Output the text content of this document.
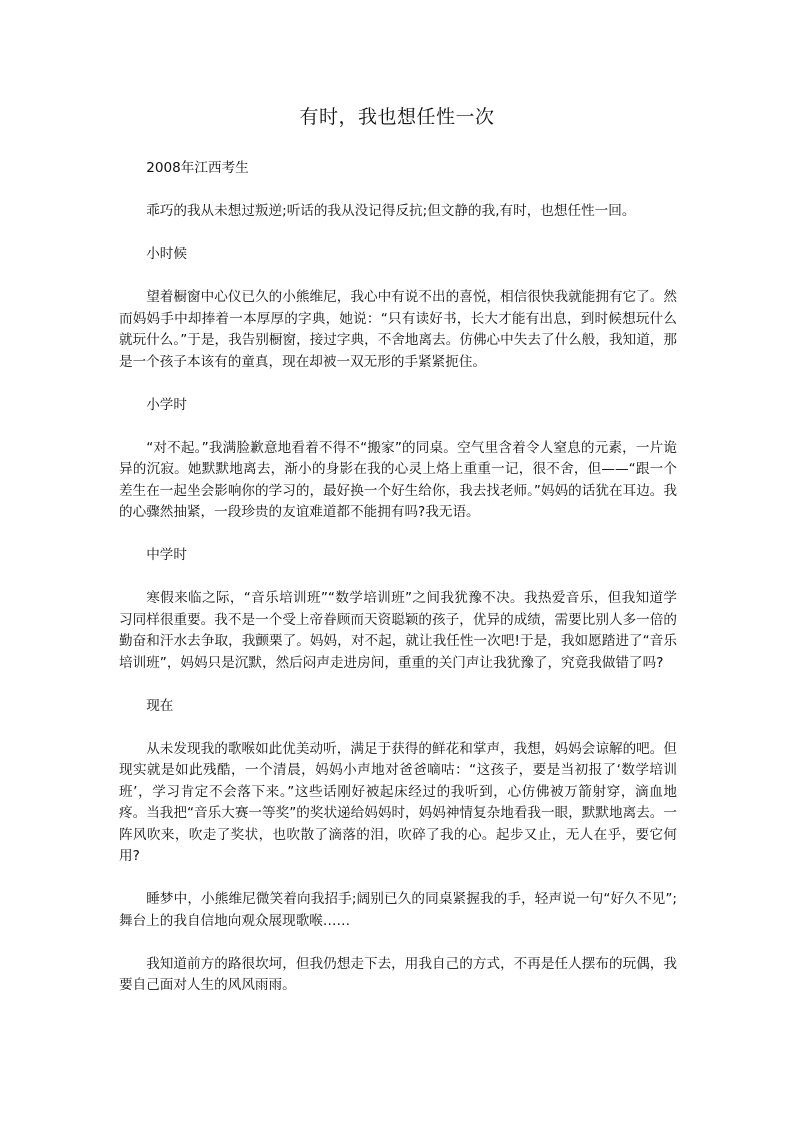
有时，我也想任性一次

2008年江西考生

乖巧的我从未想过叛逆;听话的我从没记得反抗;但文静的我,有时，也想任性一回。

小时候

望着橱窗中心仪已久的小熊维尼，我心中有说不出的喜悦，相信很快我就能拥有它了。然而妈妈手中却捧着一本厚厚的字典，她说：“只有读好书，长大才能有出息，到时候想玩什么就玩什么。”于是，我告别橱窗，接过字典，不舍地离去。仿佛心中失去了什么般，我知道，那是一个孩子本该有的童真，现在却被一双无形的手紧紧扼住。

小学时

“对不起。”我满脸歉意地看着不得不“搬家”的同桌。空气里含着令人窒息的元素，一片诡异的沉寂。她默默地离去，渐小的身影在我的心灵上烙上重重一记，很不舍，但——“跟一个差生在一起坐会影响你的学习的，最好换一个好生给你，我去找老师。”妈妈的话犹在耳边。我的心骤然抽紧，一段珍贵的友谊难道都不能拥有吗?我无语。

中学时

寒假来临之际，“音乐培训班”“数学培训班”之间我犹豫不决。我热爱音乐，但我知道学习同样很重要。我不是一个受上帝眷顾而天资聪颖的孩子，优异的成绩，需要比别人多一倍的勤奋和汗水去争取，我颤栗了。妈妈，对不起，就让我任性一次吧!于是，我如愿踏进了“音乐培训班”，妈妈只是沉默，然后闷声走进房间，重重的关门声让我犹豫了，究竟我做错了吗?

现在

从未发现我的歌喉如此优美动听，满足于获得的鲜花和掌声，我想，妈妈会谅解的吧。但现实就是如此残酷，一个清晨，妈妈小声地对爸爸嘀咕：“这孩子，要是当初报了‘数学培训班’，学习肯定不会落下来。”这些话刚好被起床经过的我听到，心仿佛被万箭射穿，滴血地疼。当我把“音乐大赛一等奖”的奖状递给妈妈时，妈妈神情复杂地看我一眼，默默地离去。一阵风吹来，吹走了奖状，也吹散了滴落的泪，吹碎了我的心。起步又止，无人在乎，要它何用?

睡梦中，小熊维尼微笑着向我招手;阔别已久的同桌紧握我的手，轻声说一句“好久不见”;舞台上的我自信地向观众展现歌喉……

我知道前方的路很坎坷，但我仍想走下去，用我自己的方式，不再是任人摆布的玩偶，我要自己面对人生的风风雨雨。
